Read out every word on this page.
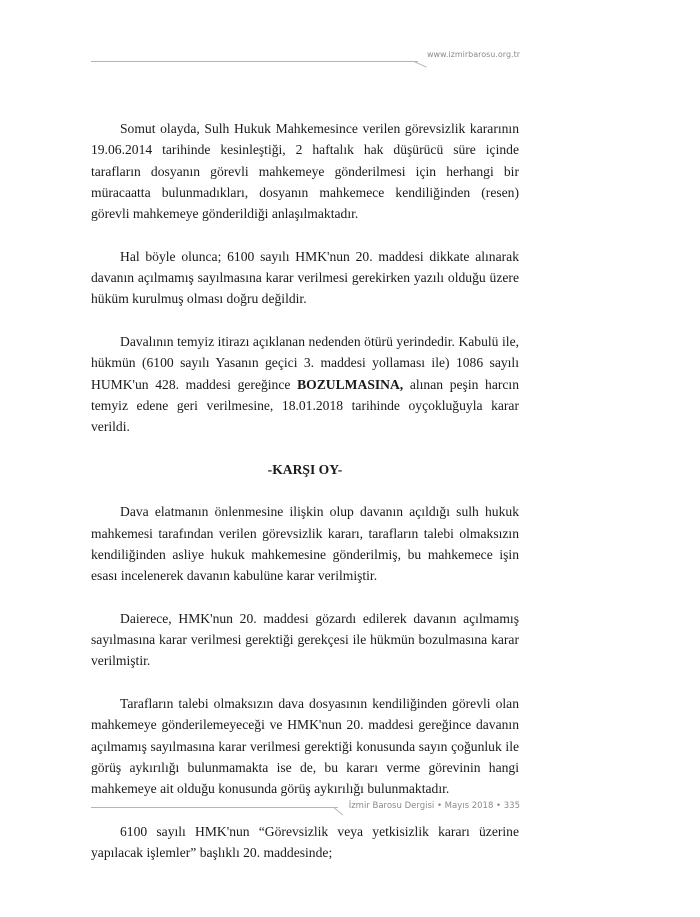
www.izmirbarosu.org.tr

Somut olayda, Sulh Hukuk Mahkemesince verilen görevsizlik kararının 19.06.2014 tarihinde kesinleştiği, 2 haftalık hak düşürücü süre içinde tarafların dosyanın görevli mahkemeye gönderilmesi için herhangi bir müracaatta bulunmadıkları, dosyanın mahkemece kendiliğinden (resen) görevli mahkemeye gönderildiği anlaşılmaktadır.

Hal böyle olunca; 6100 sayılı HMK'nun 20. maddesi dikkate alınarak davanın açılmamış sayılmasına karar verilmesi gerekirken yazılı olduğu üzere hüküm kurulmuş olması doğru değildir.

Davalının temyiz itirazı açıklanan nedenden ötürü yerindedir. Kabulü ile, hükmün (6100 sayılı Yasanın geçici 3. maddesi yollaması ile) 1086 sayılı HUMK'un 428. maddesi gereğince BOZULMASINA, alınan peşin harcın temyiz edene geri verilmesine, 18.01.2018 tarihinde oyçokluğuyla karar verildi.

-KARŞI OY-

Dava elatmanın önlenmesine ilişkin olup davanın açıldığı sulh hukuk mahkemesi tarafından verilen görevsizlik kararı, tarafların talebi olmaksızın kendiliğinden asliye hukuk mahkemesine gönderilmiş, bu mahkemece işin esası incelenerek davanın kabulüne karar verilmiştir.

Daierece, HMK'nun 20. maddesi gözardı edilerek davanın açılmamış sayılmasına karar verilmesi gerektiği gerekçesi ile hükmün bozulmasına karar verilmiştir.

Tarafların talebi olmaksızın dava dosyasının kendiliğinden görevli olan mahkemeye gönderilemeyeceği ve HMK'nun 20. maddesi gereğince davanın açılmamış sayılmasına karar verilmesi gerektiği konusunda sayın çoğunluk ile görüş aykırılığı bulunmamakta ise de, bu kararı verme görevinin hangi mahkemeye ait olduğu konusunda görüş aykırılığı bulunmaktadır.

6100 sayılı HMK'nun “Görevsizlik veya yetkisizlik kararı üzerine yapılacak işlemler” başlıklı 20. maddesinde;

İzmir Barosu Dergisi • Mayıs 2018 • 335
